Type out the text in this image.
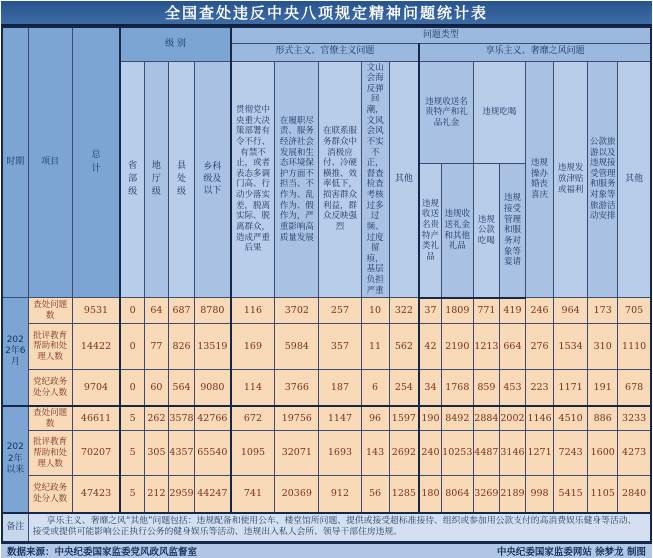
全国查处违反中央八项规定精神问题统计表
时期	项目	总计	级 别				问题类型												
							形式主义、官僚主义问题					享乐主义、奢靡之风问题							
			省部级	地厅级	县处级	乡科级及以下	贯彻党中央重大决策部署有令不行、有禁不止，或者表态多调门高、行动少落实差，脱离实际、脱离群众，造成严重后果	在履职尽责、服务经济社会发展和生态环境保护方面不担当、不作为、乱作为、假作为，严重影响高质量发展	在联系服务群众中消极应付、冷硬横推、效率低下，损害群众利益，群众反映强烈	文山会海反弹回潮，文风会风不实不正，督查检查考核过多过频、过度留痕，基层负担严重	其他	违规收送名贵特产和礼品礼金		违规吃喝		违规操办婚丧喜庆	违规发放津贴或福利	公款旅游以及违规接受管理和服务对象等旅游活动安排	其他
												违规收送名贵特产类礼品	违规收送礼金和其他礼品	违规公款吃喝	违规接受管理和服务对象等宴请				
2022年6月	查处问题数	9531	0	64	687	8780	116	3702	257	10	322	37	1809	771	419	246	964	173	705
	批评教育帮助和处理人数	14422	0	77	826	13519	169	5984	357	11	562	42	2190	1213	664	276	1534	310	1110
	党纪政务处分人数	9704	0	60	564	9080	114	3766	187	6	254	34	1768	859	453	223	1171	191	678
2022年以来	查处问题数	46611	5	262	3578	42766	672	19756	1147	96	1597	190	8492	2884	2002	1146	4510	886	3233
	批评教育帮助和处理人数	70207	5	305	4357	65540	1095	32071	1693	143	2692	240	10253	4487	3146	1271	7243	1600	4273
	党纪政务处分人数	47423	5	212	2959	44247	741	20369	912	56	1285	180	8064	3269	2189	998	5415	1105	2840
备注	享乐主义、奢靡之风“其他”问题包括：违规配备和使用公车、楼堂馆所问题、提供或接受超标准接待、组织或参加用公款支付的高消费娱乐健身等活动、接受或提供可能影响公正执行公务的健身娱乐等活动、违规出入私人会所、领导干部住房违规。																		
数据来源：中央纪委国家监委党风政风监督室	中央纪委国家监委网站 徐梦龙 制图
